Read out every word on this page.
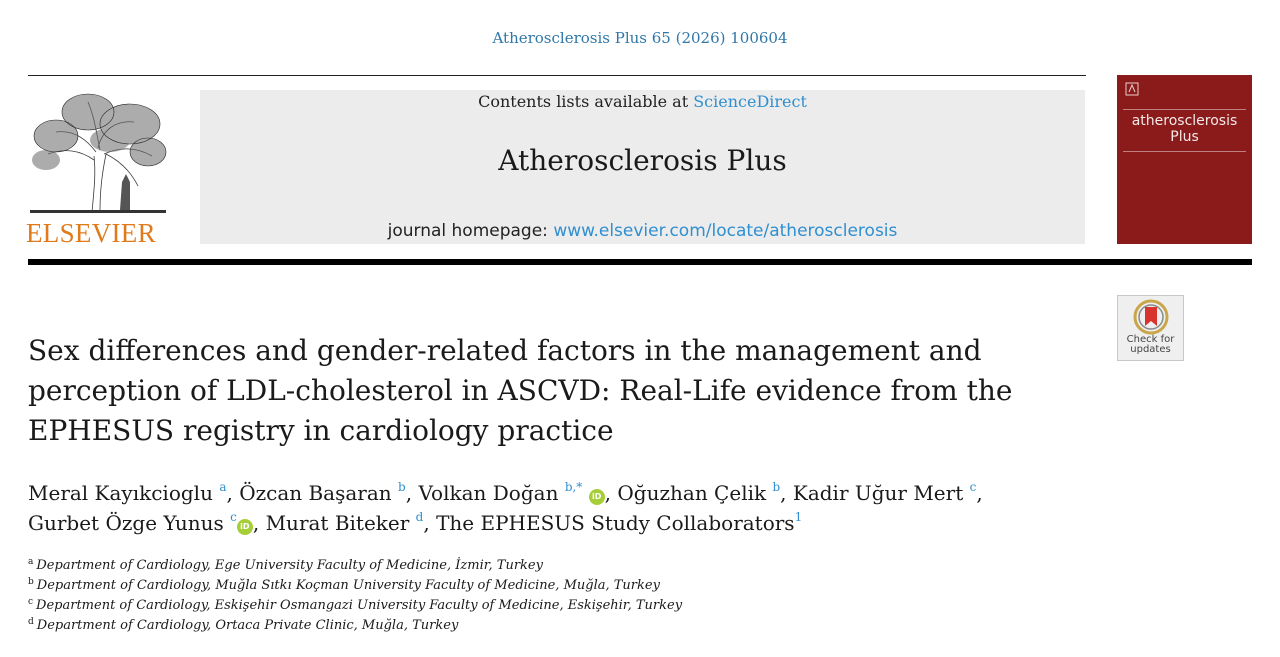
Atherosclerosis Plus 65 (2026) 100604
ELSEVIER
Contents lists available at ScienceDirect
Atherosclerosis Plus
journal homepage: www.elsevier.com/locate/atherosclerosis
atherosclerosis
Plus
Check for
updates
Sex differences and gender-related factors in the management and
perception of LDL-cholesterol in ASCVD: Real-Life evidence from the
EPHESUS registry in cardiology practice
Meral Kayıkcioglu $^a$, Özcan Başaran $^b$, Volkan Doğan $^{b,*}$ iD , Oğuzhan Çelik $^b$, Kadir Uğur Mert $^c$,
Gurbet Özge Yunus $^c$iD , Murat Biteker $^d$, The EPHESUS Study Collaborators$^1$
$^a$ Department of Cardiology, Ege University Faculty of Medicine, İzmir, Turkey
$^b$ Department of Cardiology, Muğla Sıtkı Koçman University Faculty of Medicine, Muğla, Turkey
$^c$ Department of Cardiology, Eskişehir Osmangazi University Faculty of Medicine, Eskişehir, Turkey
$^d$ Department of Cardiology, Ortaca Private Clinic, Muğla, Turkey
